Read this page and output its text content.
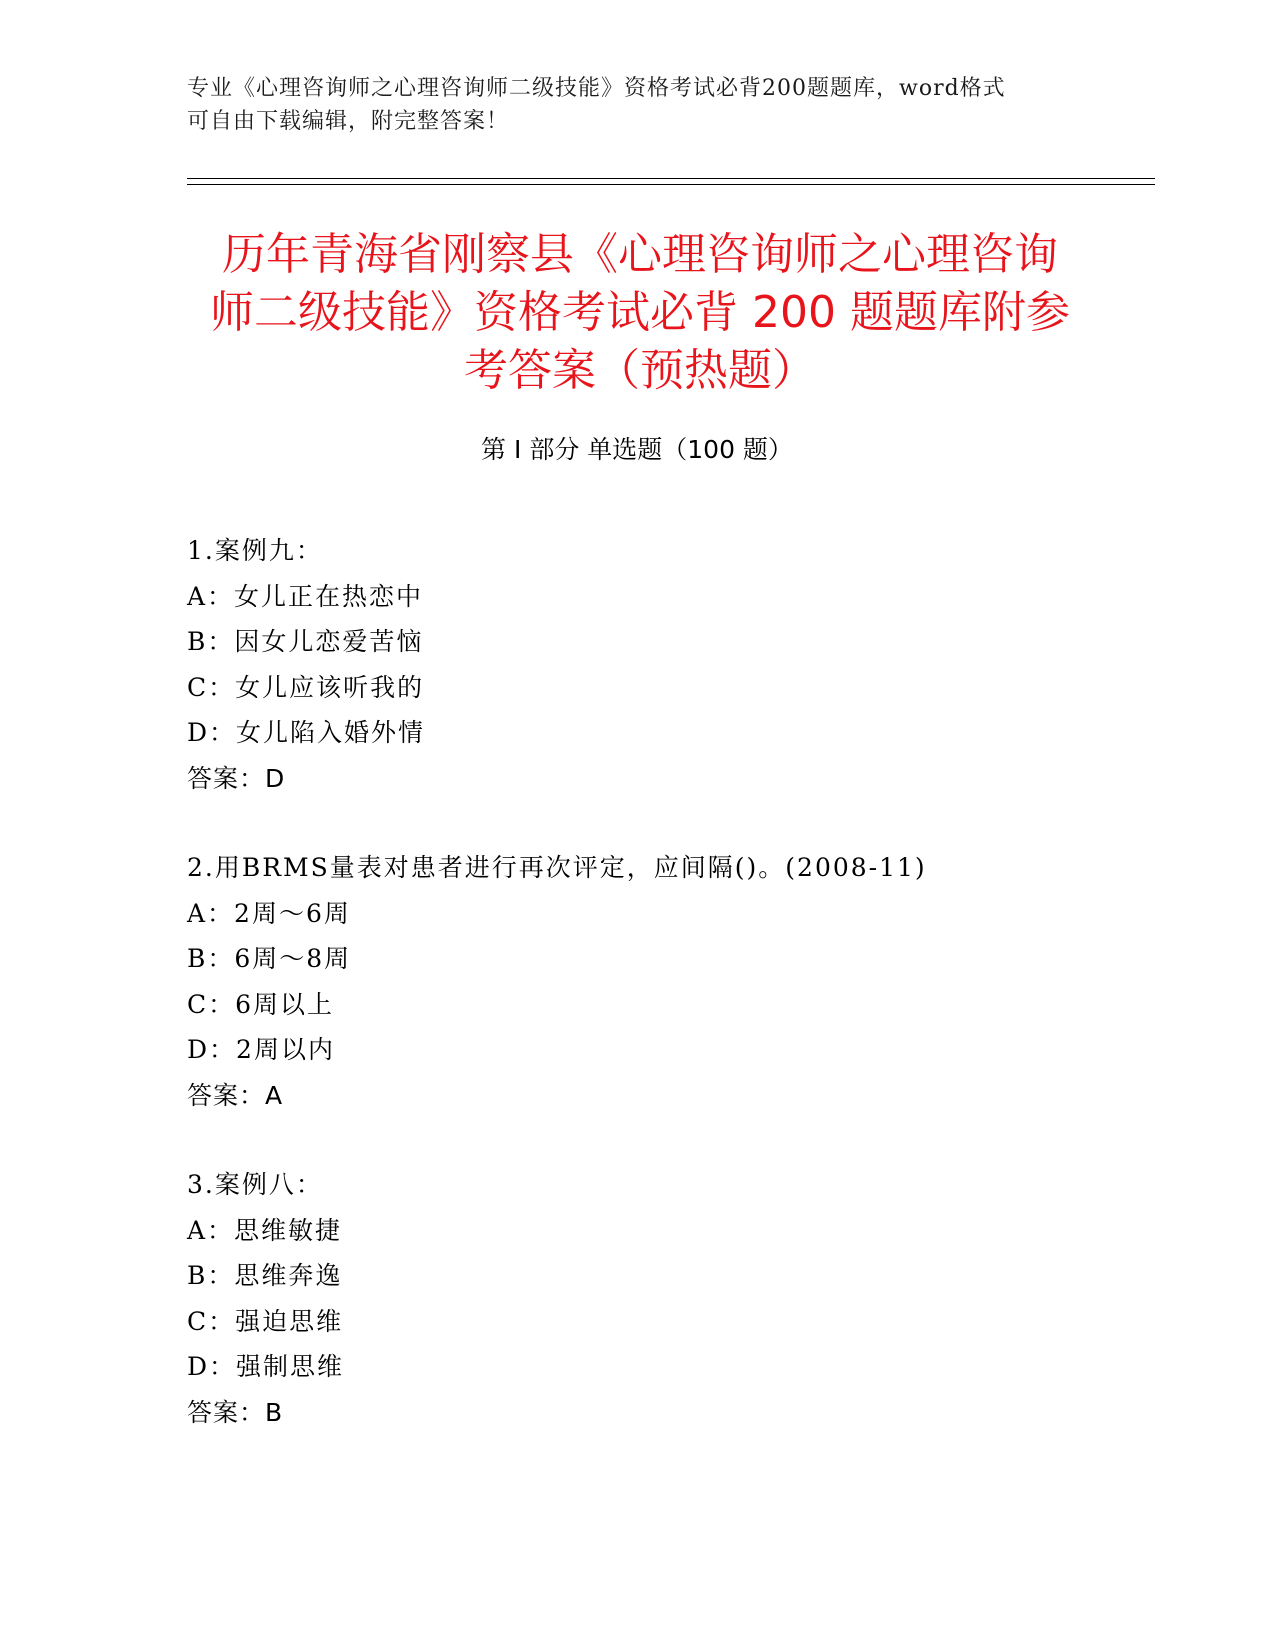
专业《心理咨询师之心理咨询师二级技能》资格考试必背200题题库，word格式

可自由下载编辑，附完整答案！

历年青海省刚察县《心理咨询师之心理咨询
师二级技能》资格考试必背 200 题题库附参
考答案（预热题）
第 I 部分 单选题（100 题）

1.案例九：

A：女儿正在热恋中

B：因女儿恋爱苦恼

C：女儿应该听我的

D：女儿陷入婚外情

答案：D

2.用BRMS量表对患者进行再次评定，应间隔()。(2008-11)

A：2周～6周

B：6周～8周

C：6周以上

D：2周以内

答案：A

3.案例八：

A：思维敏捷

B：思维奔逸

C：强迫思维

D：强制思维

答案：B
